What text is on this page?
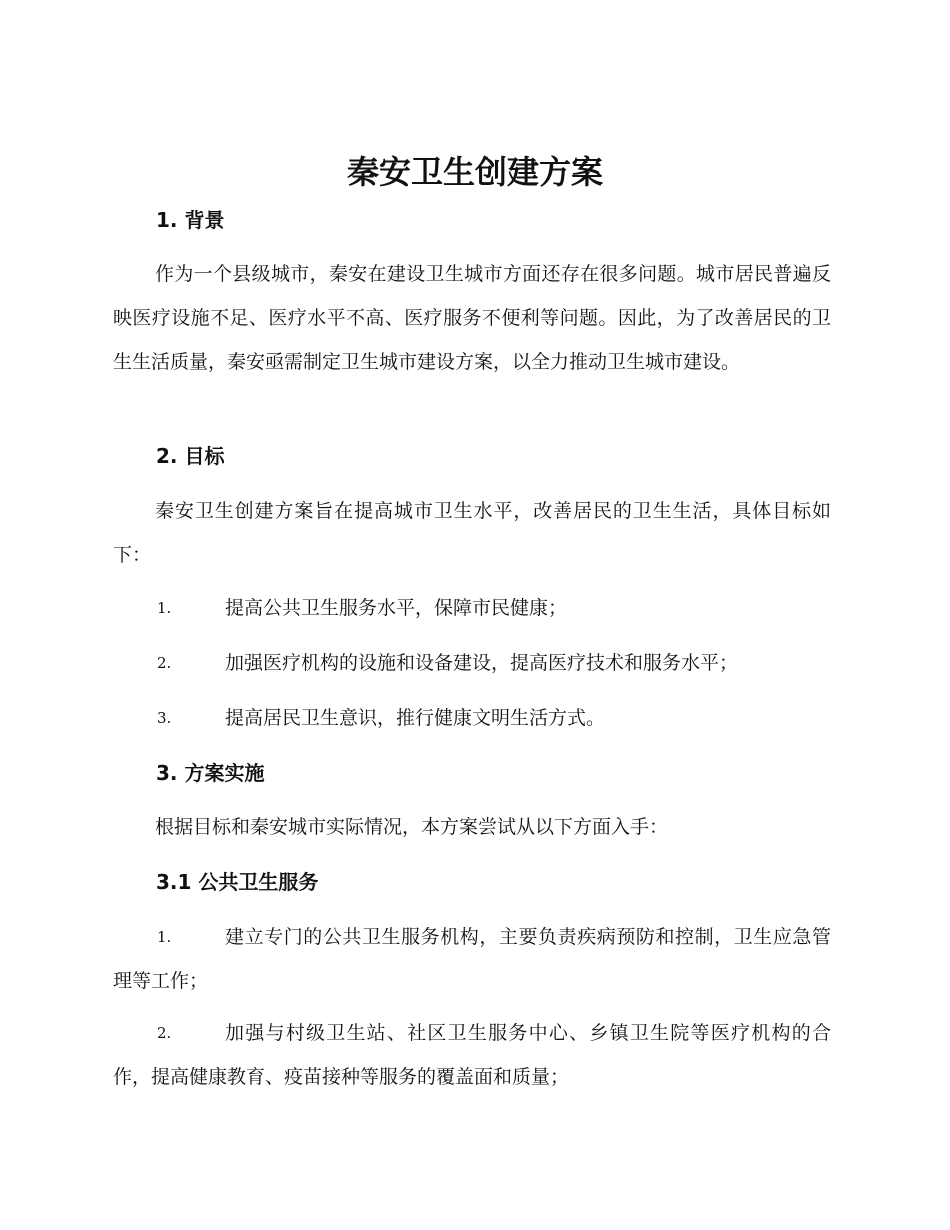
秦安卫生创建方案
1. 背景

作为一个县级城市，秦安在建设卫生城市方面还存在很多问题。城市居民普遍反映医疗设施不足、医疗水平不高、医疗服务不便利等问题。因此，为了改善居民的卫生生活质量，秦安亟需制定卫生城市建设方案，以全力推动卫生城市建设。

2. 目标

秦安卫生创建方案旨在提高城市卫生水平，改善居民的卫生生活，具体目标如下：

1.	提高公共卫生服务水平，保障市民健康；
2.	加强医疗机构的设施和设备建设，提高医疗技术和服务水平；
3.	提高居民卫生意识，推行健康文明生活方式。
3. 方案实施

根据目标和秦安城市实际情况，本方案尝试从以下方面入手：

3.1 公共卫生服务
1.	建立专门的公共卫生服务机构，主要负责疾病预防和控制，卫生应急管理等工作；
2.	加强与村级卫生站、社区卫生服务中心、乡镇卫生院等医疗机构的合作，提高健康教育、疫苗接种等服务的覆盖面和质量；
